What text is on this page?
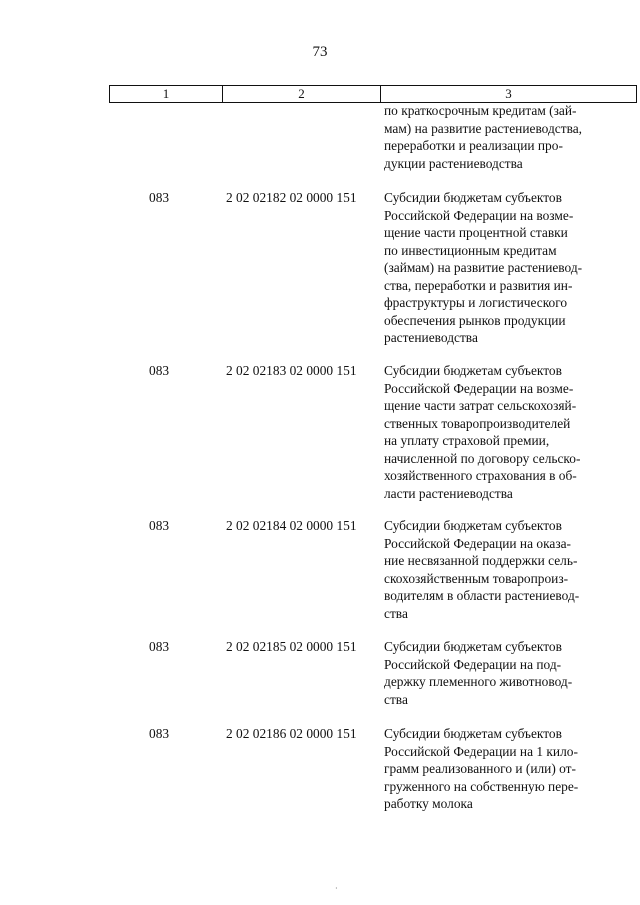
73
1	2	3
по краткосрочным кредитам (зай-
мам) на развитие растениеводства,
переработки и реализации про-
дукции растениеводства
083	2 02 02182 02 0000 151 Субсидии бюджетам субъектов
Российской Федерации на возме-
щение части процентной ставки
по инвестиционным кредитам
(займам) на развитие растениевод-
ства, переработки и развития ин-
фраструктуры и логистического
обеспечения рынков продукции
растениеводства
083	2 02 02183 02 0000 151 Субсидии бюджетам субъектов
Российской Федерации на возме-
щение части затрат сельскохозяй-
ственных товаропроизводителей
на уплату страховой премии,
начисленной по договору сельско-
хозяйственного страхования в об-
ласти растениеводства
083	2 02 02184 02 0000 151 Субсидии бюджетам субъектов
Российской Федерации на оказа-
ние несвязанной поддержки сель-
скохозяйственным товаропроиз-
водителям в области растениевод-
ства
083	2 02 02185 02 0000 151 Субсидии бюджетам субъектов
Российской Федерации на под-
держку племенного животновод-
ства
083	2 02 02186 02 0000 151 Субсидии бюджетам субъектов
Российской Федерации на 1 кило-
грамм реализованного и (или) от-
груженного на собственную пере-
работку молока
·
